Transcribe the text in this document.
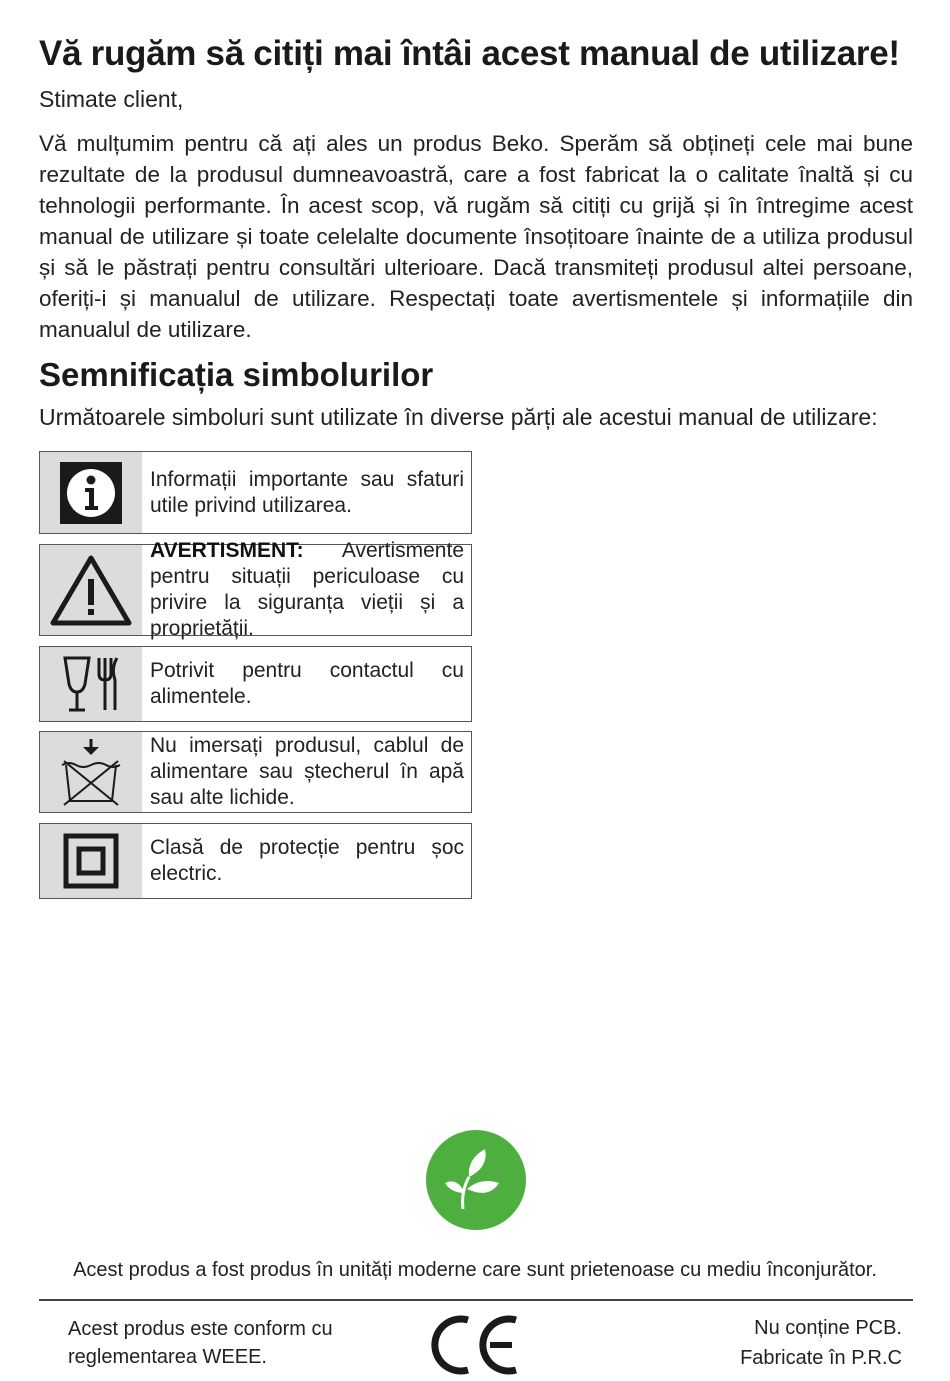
Vă rugăm să citiți mai întâi acest manual de utilizare!

Stimate client,

Vă mulțumim pentru că ați ales un produs Beko. Sperăm să obțineți cele mai bune rezultate de la produsul dumneavoastră, care a fost fabricat la o calitate înaltă și cu tehnologii performante. În acest scop, vă rugăm să citiți cu grijă și în întregime acest manual de utilizare și toate celelalte documente însoțitoare înainte de a utiliza produsul și să le păstrați pentru consultări ulterioare. Dacă transmiteți produsul altei persoane, oferiți-i și manualul de utilizare. Respectați toate avertismentele și informațiile din manualul de utilizare.

Semnificația simbolurilor

Următoarele simboluri sunt utilizate în diverse părți ale acestui manual de utilizare:

Informații importante sau sfaturi utile privind utilizarea.
AVERTISMENT: Avertismente pentru situații periculoase cu privire la siguranța vieții și a proprietății.
Potrivit pentru contactul cu alimentele.
Nu imersați produsul, cablul de alimentare sau ștecherul în apă sau alte lichide.
Clasă de protecție pentru șoc electric.

Acest produs a fost produs în unități moderne care sunt prietenoase cu mediu înconjurător.

Acest produs este conform cu
reglementarea WEEE.

Nu conține PCB.
Fabricate în P.R.C
